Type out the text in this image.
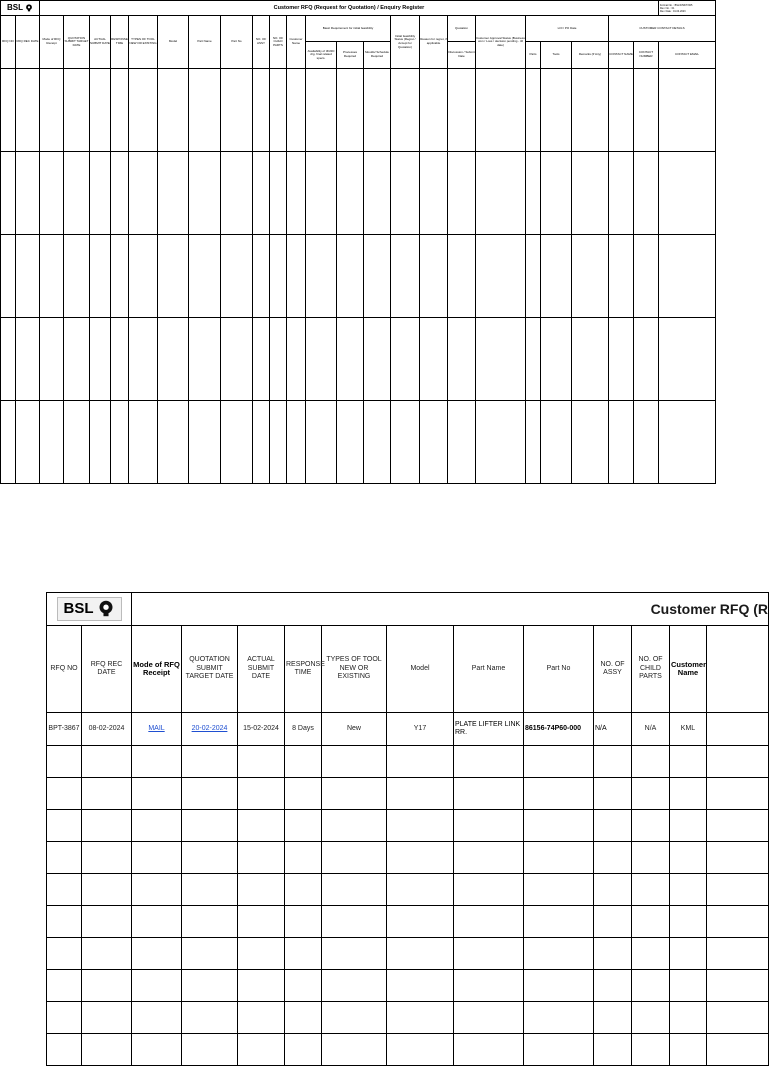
BSL		Customer RFQ (Request for Quotation) / Enquiry Register																							Format No. : BSL/F/MKT/005
Rev. No. : 01
Rev. Date : 01.04.2023

RFQ NO	RFQ REC DATE	Mode of RFQ Receipt	QUOTATION SUBMIT TARGET DATE	ACTUAL SUBMIT DATE	RESPONSE TIME	TYPES OF TOOL NEW OR EXISTING	Model	Part Name	Part No	NO. OF ASSY	NO. OF CHILD PARTS	Customer Name	Basic Requirement for initial feasibility			Initial feasibility Status (Regret / Accept for Quotation)	Reason for regret, if applicable	Quotation	Customer Approval Status (Business won / Loss / decision pending - till date)	LOI / PO Date			CUSTOMER CONTACT DETAILS		
													Availability of 3D/2D drg. final related specs.	Processes Required	Moulds/ Schedule Required			Discussion / Submit Date		Parts	Tools	Remarks (If Any)	CONTACT NAME	CONTACT NUMBER	CONTACT EMAIL

BSL		Customer RFQ (R											
RFQ NO	RFQ REC DATE	Mode of RFQ Receipt	QUOTATION SUBMIT TARGET DATE	ACTUAL SUBMIT DATE	RESPONSE TIME	TYPES OF TOOL NEW OR EXISTING	Model	Part Name	Part No	NO. OF ASSY	NO. OF CHILD PARTS	Customer Name	
BPT-3867	08-02-2024	MAIL	20-02-2024	15-02-2024	8 Days	New	Y17	PLATE LIFTER LINK RR.	86156-74P60-000	N/A	N/A	KML	
